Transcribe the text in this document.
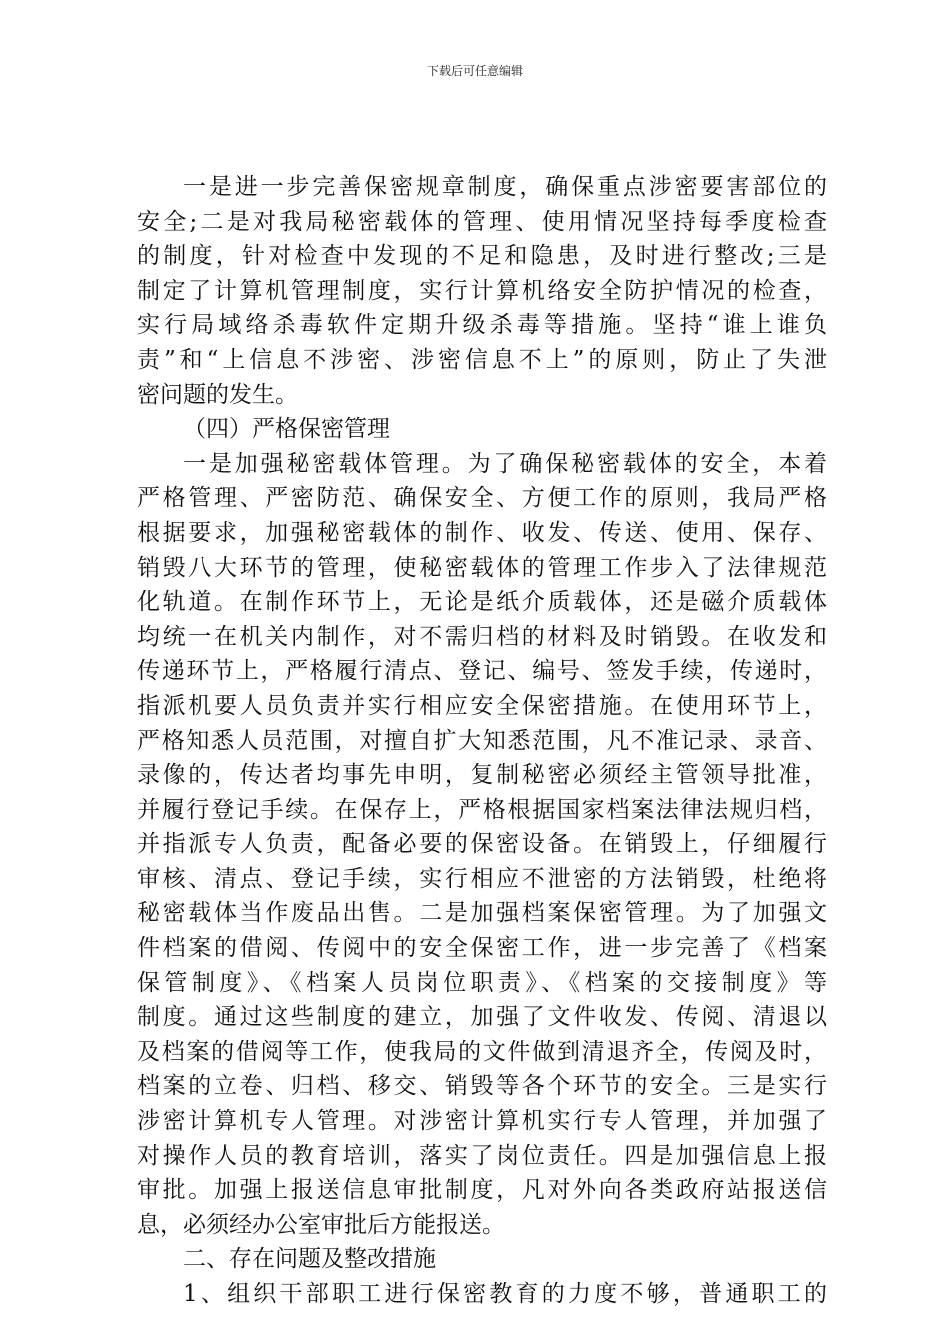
下载后可任意编辑
一是进一步完善保密规章制度，确保重点涉密要害部位的
安全;二是对我局秘密载体的管理、使用情况坚持每季度检查
的制度，针对检查中发现的不足和隐患，及时进行整改;三是
制定了计算机管理制度，实行计算机络安全防护情况的检查，
实行局域络杀毒软件定期升级杀毒等措施。坚持“谁上谁负
责”和“上信息不涉密、涉密信息不上”的原则，防止了失泄
密问题的发生。
（四）严格保密管理
一是加强秘密载体管理。为了确保秘密载体的安全，本着
严格管理、严密防范、确保安全、方便工作的原则，我局严格
根据要求，加强秘密载体的制作、收发、传送、使用、保存、
销毁八大环节的管理，使秘密载体的管理工作步入了法律规范
化轨道。在制作环节上，无论是纸介质载体，还是磁介质载体
均统一在机关内制作，对不需归档的材料及时销毁。在收发和
传递环节上，严格履行清点、登记、编号、签发手续，传递时，
指派机要人员负责并实行相应安全保密措施。在使用环节上，
严格知悉人员范围，对擅自扩大知悉范围，凡不准记录、录音、
录像的，传达者均事先申明，复制秘密必须经主管领导批准，
并履行登记手续。在保存上，严格根据国家档案法律法规归档，
并指派专人负责，配备必要的保密设备。在销毁上，仔细履行
审核、清点、登记手续，实行相应不泄密的方法销毁，杜绝将
秘密载体当作废品出售。二是加强档案保密管理。为了加强文
件档案的借阅、传阅中的安全保密工作，进一步完善了《档案
保管制度》、《档案人员岗位职责》、《档案的交接制度》等
制度。通过这些制度的建立，加强了文件收发、传阅、清退以
及档案的借阅等工作，使我局的文件做到清退齐全，传阅及时，
档案的立卷、归档、移交、销毁等各个环节的安全。三是实行
涉密计算机专人管理。对涉密计算机实行专人管理，并加强了
对操作人员的教育培训，落实了岗位责任。四是加强信息上报
审批。加强上报送信息审批制度，凡对外向各类政府站报送信
息，必须经办公室审批后方能报送。
二、存在问题及整改措施
1、组织干部职工进行保密教育的力度不够，普通职工的
